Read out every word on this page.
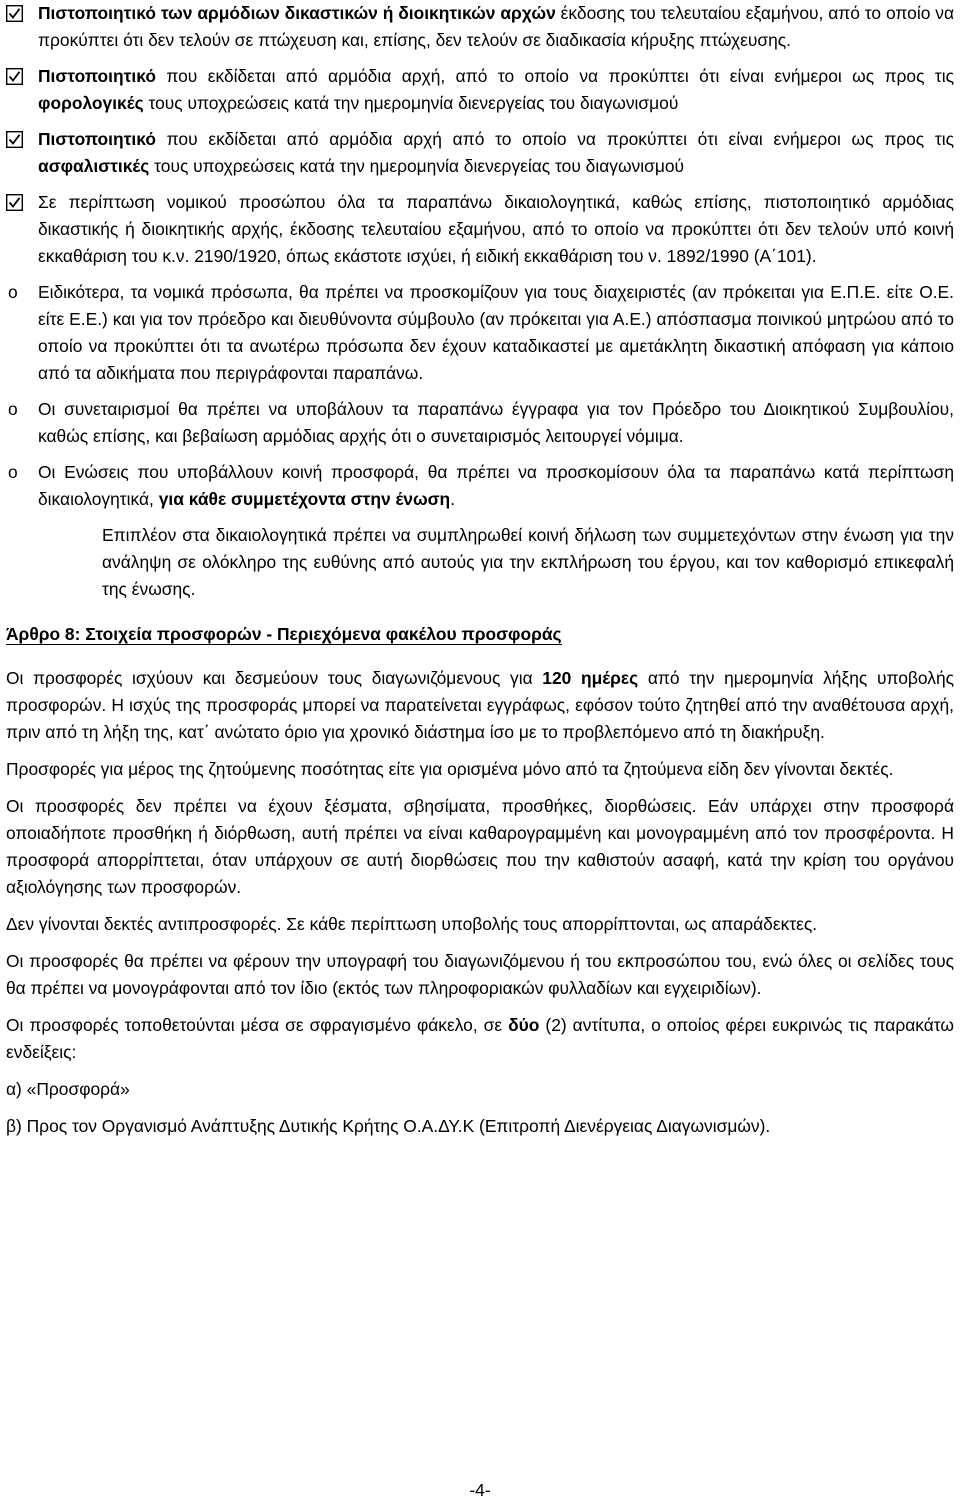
Πιστοποιητικό των αρμόδιων δικαστικών ή διοικητικών αρχών έκδοσης του τελευταίου εξαμήνου, από το οποίο να προκύπτει ότι δεν τελούν σε πτώχευση και, επίσης, δεν τελούν σε διαδικασία κήρυξης πτώχευσης.

Πιστοποιητικό που εκδίδεται από αρμόδια αρχή, από το οποίο να προκύπτει ότι είναι ενήμεροι ως προς τις φορολογικές τους υποχρεώσεις κατά την ημερομηνία διενεργείας του διαγωνισμού

Πιστοποιητικό που εκδίδεται από αρμόδια αρχή από το οποίο να προκύπτει ότι είναι ενήμεροι ως προς τις ασφαλιστικές τους υποχρεώσεις κατά την ημερομηνία διενεργείας του διαγωνισμού

Σε περίπτωση νομικού προσώπου όλα τα παραπάνω δικαιολογητικά, καθώς επίσης, πιστοποιητικό αρμόδιας δικαστικής ή διοικητικής αρχής, έκδοσης τελευταίου εξαμήνου, από το οποίο να προκύπτει ότι δεν τελούν υπό κοινή εκκαθάριση του κ.ν. 2190/1920, όπως εκάστοτε ισχύει, ή ειδική εκκαθάριση του ν. 1892/1990 (Α΄101).

o Ειδικότερα, τα νομικά πρόσωπα, θα πρέπει να προσκομίζουν για τους διαχειριστές (αν πρόκειται για Ε.Π.Ε. είτε Ο.Ε. είτε Ε.Ε.) και για τον πρόεδρο και διευθύνοντα σύμβουλο (αν πρόκειται για Α.Ε.) απόσπασμα ποινικού μητρώου από το οποίο να προκύπτει ότι τα ανωτέρω πρόσωπα δεν έχουν καταδικαστεί με αμετάκλητη δικαστική απόφαση για κάποιο από τα αδικήματα που περιγράφονται παραπάνω.

o Οι συνεταιρισμοί θα πρέπει να υποβάλουν τα παραπάνω έγγραφα για τον Πρόεδρο του Διοικητικού Συμβουλίου, καθώς επίσης, και βεβαίωση αρμόδιας αρχής ότι ο συνεταιρισμός λειτουργεί νόμιμα.

o Οι Ενώσεις που υποβάλλουν κοινή προσφορά, θα πρέπει να προσκομίσουν όλα τα παραπάνω κατά περίπτωση δικαιολογητικά, για κάθε συμμετέχοντα στην ένωση.

Επιπλέον στα δικαιολογητικά πρέπει να συμπληρωθεί κοινή δήλωση των συμμετεχόντων στην ένωση για την ανάληψη σε ολόκληρο της ευθύνης από αυτούς για την εκπλήρωση του έργου, και τον καθορισμό επικεφαλή της ένωσης.

Άρθρο 8: Στοιχεία προσφορών - Περιεχόμενα φακέλου προσφοράς

Οι προσφορές ισχύουν και δεσμεύουν τους διαγωνιζόμενους για 120 ημέρες από την ημερομηνία λήξης υποβολής προσφορών. Η ισχύς της προσφοράς μπορεί να παρατείνεται εγγράφως, εφόσον τούτο ζητηθεί από την αναθέτουσα αρχή, πριν από τη λήξη της, κατ΄ ανώτατο όριο για χρονικό διάστημα ίσο με το προβλεπόμενο από τη διακήρυξη.

Προσφορές για μέρος της ζητούμενης ποσότητας είτε για ορισμένα μόνο από τα ζητούμενα είδη δεν γίνονται δεκτές.

Οι προσφορές δεν πρέπει να έχουν ξέσματα, σβησίματα, προσθήκες, διορθώσεις. Εάν υπάρχει στην προσφορά οποιαδήποτε προσθήκη ή διόρθωση, αυτή πρέπει να είναι καθαρογραμμένη και μονογραμμένη από τον προσφέροντα. Η προσφορά απορρίπτεται, όταν υπάρχουν σε αυτή διορθώσεις που την καθιστούν ασαφή, κατά την κρίση του οργάνου αξιολόγησης των προσφορών.

Δεν γίνονται δεκτές αντιπροσφορές. Σε κάθε περίπτωση υποβολής τους απορρίπτονται, ως απαράδεκτες.

Οι προσφορές θα πρέπει να φέρουν την υπογραφή του διαγωνιζόμενου ή του εκπροσώπου του, ενώ όλες οι σελίδες τους θα πρέπει να μονογράφονται από τον ίδιο (εκτός των πληροφοριακών φυλλαδίων και εγχειριδίων).

Οι προσφορές τοποθετούνται μέσα σε σφραγισμένο φάκελο, σε δύο (2) αντίτυπα, ο οποίος φέρει ευκρινώς τις παρακάτω ενδείξεις:

α) «Προσφορά»

β) Προς τον Οργανισμό Ανάπτυξης Δυτικής Κρήτης Ο.Α.ΔΥ.Κ (Επιτροπή Διενέργειας Διαγωνισμών).

-4-
